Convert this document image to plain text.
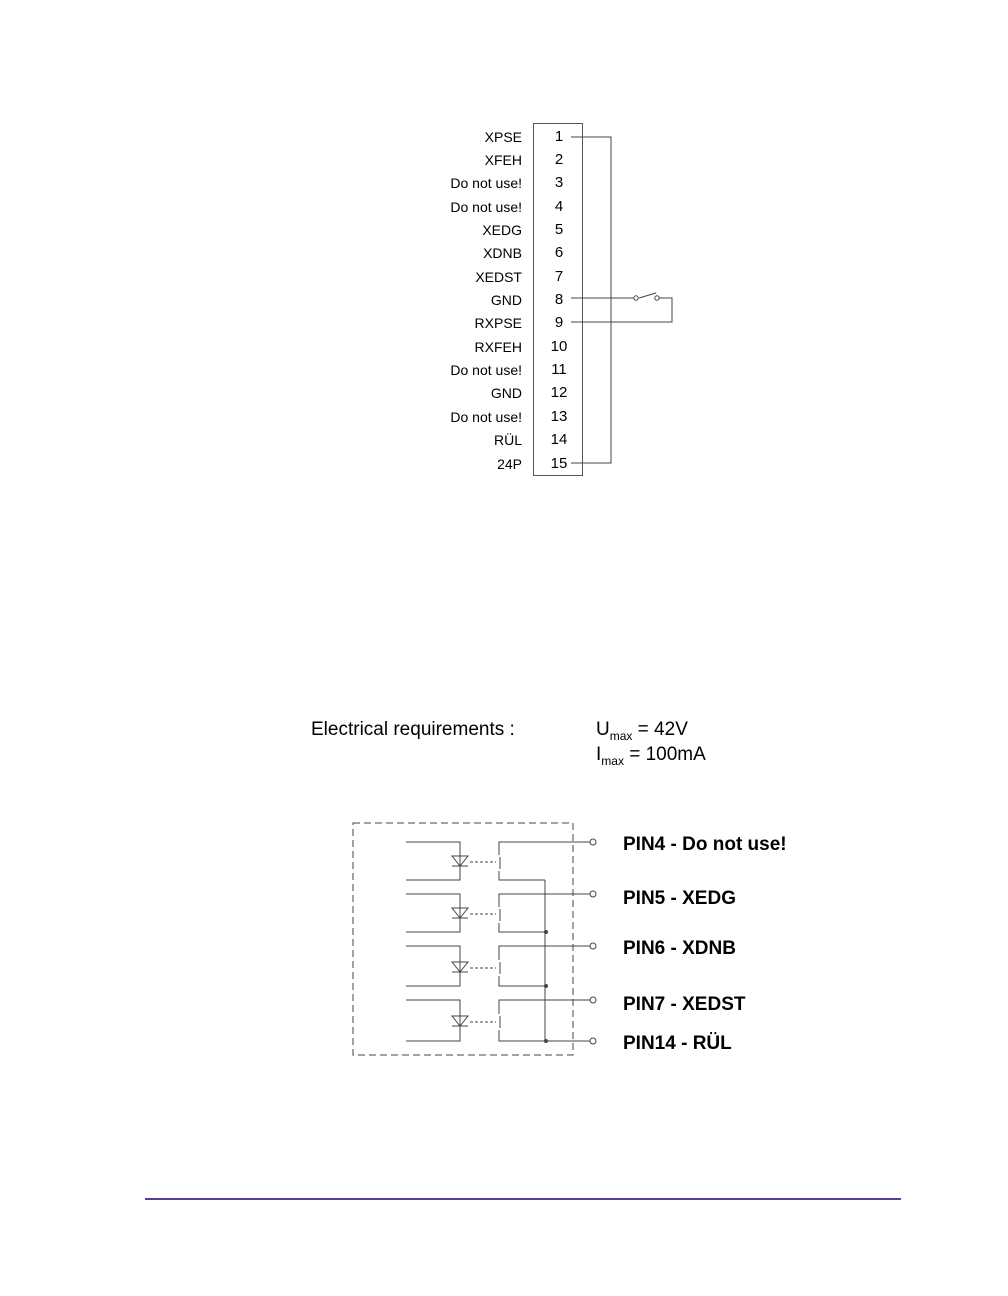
XPSE
XFEH
Do not use!
Do not use!
XEDG
XDNB
XEDST
GND
RXPSE
RXFEH
Do not use!
GND
Do not use!
RÜL
24P
1
2
3
4
5
6
7
8
9
10
11
12
13
14
15
Electrical requirements :	$U_{max} = 42V$
$I_{max} = 100mA$
PIN4 - Do not use!
PIN5 - XEDG
PIN6 - XDNB
PIN7 - XEDST
PIN14 - RÜL
